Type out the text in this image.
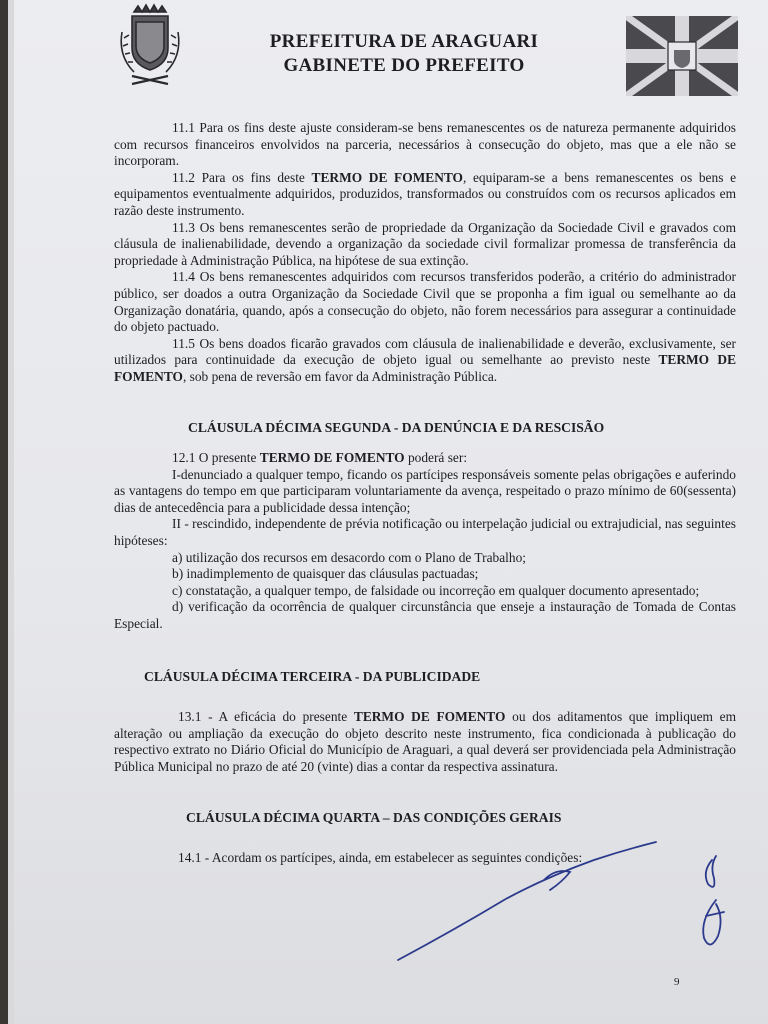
PREFEITURA DE ARAGUARI
GABINETE DO PREFEITO

11.1 Para os fins deste ajuste consideram-se bens remanescentes os de natureza permanente adquiridos com recursos financeiros envolvidos na parceria, necessários à consecução do objeto, mas que a ele não se incorporam.

11.2 Para os fins deste TERMO DE FOMENTO, equiparam-se a bens remanescentes os bens e equipamentos eventualmente adquiridos, produzidos, transformados ou construídos com os recursos aplicados em razão deste instrumento.

11.3 Os bens remanescentes serão de propriedade da Organização da Sociedade Civil e gravados com cláusula de inalienabilidade, devendo a organização da sociedade civil formalizar promessa de transferência da propriedade à Administração Pública, na hipótese de sua extinção.

11.4 Os bens remanescentes adquiridos com recursos transferidos poderão, a critério do administrador público, ser doados a outra Organização da Sociedade Civil que se proponha a fim igual ou semelhante ao da Organização donatária, quando, após a consecução do objeto, não forem necessários para assegurar a continuidade do objeto pactuado.

11.5 Os bens doados ficarão gravados com cláusula de inalienabilidade e deverão, exclusivamente, ser utilizados para continuidade da execução de objeto igual ou semelhante ao previsto neste TERMO DE FOMENTO, sob pena de reversão em favor da Administração Pública.

CLÁUSULA DÉCIMA SEGUNDA - DA DENÚNCIA E DA RESCISÃO

12.1 O presente TERMO DE FOMENTO poderá ser:

I-denunciado a qualquer tempo, ficando os partícipes responsáveis somente pelas obrigações e auferindo as vantagens do tempo em que participaram voluntariamente da avença, respeitado o prazo mínimo de 60(sessenta) dias de antecedência para a publicidade dessa intenção;

II - rescindido, independente de prévia notificação ou interpelação judicial ou extrajudicial, nas seguintes hipóteses:

a) utilização dos recursos em desacordo com o Plano de Trabalho;

b) inadimplemento de quaisquer das cláusulas pactuadas;

c) constatação, a qualquer tempo, de falsidade ou incorreção em qualquer documento apresentado;

d) verificação da ocorrência de qualquer circunstância que enseje a instauração de Tomada de Contas Especial.

CLÁUSULA DÉCIMA TERCEIRA - DA PUBLICIDADE

13.1 - A eficácia do presente TERMO DE FOMENTO ou dos aditamentos que impliquem em alteração ou ampliação da execução do objeto descrito neste instrumento, fica condicionada à publicação do respectivo extrato no Diário Oficial do Município de Araguari, a qual deverá ser providenciada pela Administração Pública Municipal no prazo de até 20 (vinte) dias a contar da respectiva assinatura.

CLÁUSULA DÉCIMA QUARTA – DAS CONDIÇÕES GERAIS

14.1 - Acordam os partícipes, ainda, em estabelecer as seguintes condições:

9
